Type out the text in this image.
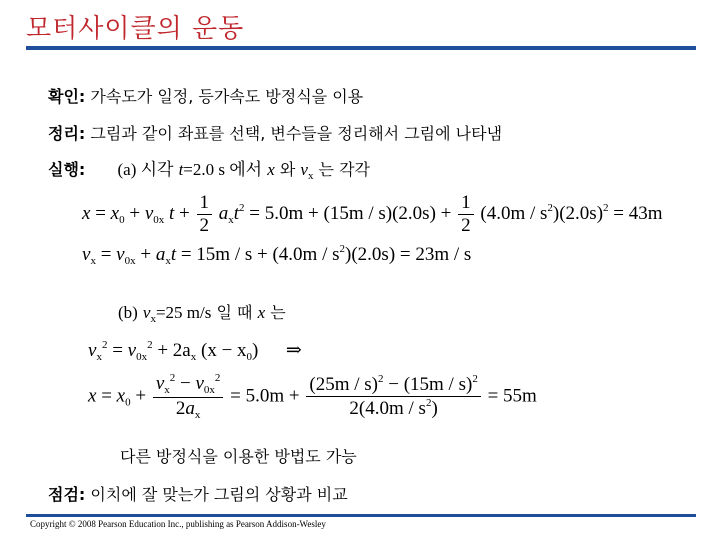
모터사이클의 운동
확인: 가속도가 일정, 등가속도 방정식을 이용
정리: 그림과 같이 좌표를 선택, 변수들을 정리해서 그림에 나타냄
실행: (a) 시각 t=2.0 s 에서 x 와 $v_x$ 는 각각
$x = x_0 + v_{0x}$ $t + \frac{1}{2} a_xt^2 = 5.0m + (15m / s)(2.0s) + \frac{1}{2} (4.0m / s^2)(2.0s)^2 = 43m$
$v_x = v_{0x} + a_xt = 15m / s + (4.0m / s^2)(2.0s) = 23m / s$
(b) $v_x=25$ m/s 일 때 x 는
$v_x^2 = v_{0x}^2 + 2a_x$ $(x - x_0)$  ⇒
$x = x_0 + \frac{v_x^2 - v_{0x}^2}{2a_x} = 5.0m + \frac{(25m / s)^2 - (15m / s)^2}{2(4.0m / s^2)} = 55m$
다른 방정식을 이용한 방법도 가능
점검: 이치에 잘 맞는가 그림의 상황과 비교
Copyright © 2008 Pearson Education Inc., publishing as Pearson Addison-Wesley
